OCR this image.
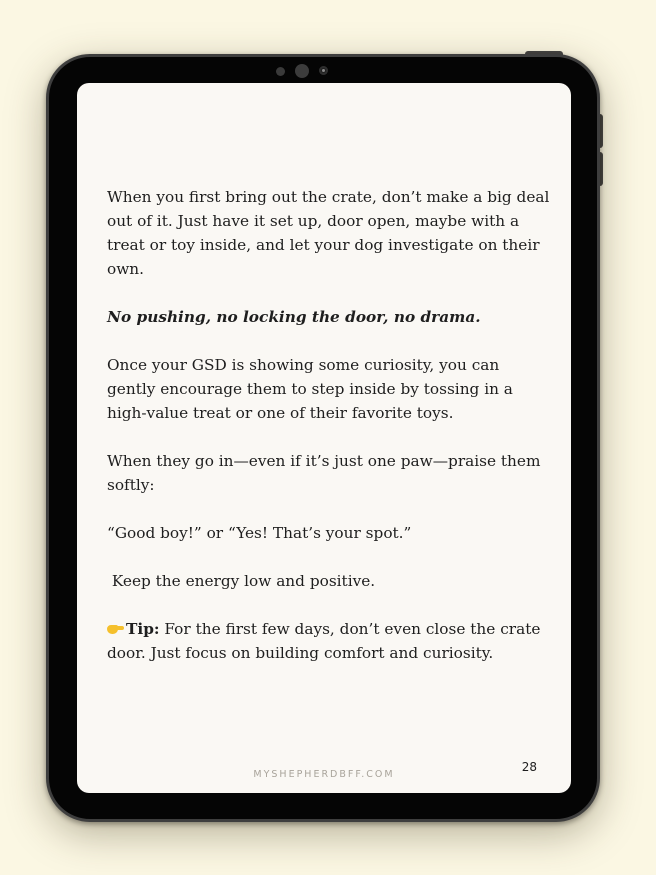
When you first bring out the crate, don’t make a big deal out of it. Just have it set up, door open, maybe with a treat or toy inside, and let your dog investigate on their own.

No pushing, no locking the door, no drama.

Once your GSD is showing some curiosity, you can gently encourage them to step inside by tossing in a high-value treat or one of their favorite toys.

When they go in—even if it’s just one paw—praise them softly:

“Good boy!” or “Yes! That’s your spot.”

Keep the energy low and positive.

Tip: For the first few days, don’t even close the crate door. Just focus on building comfort and curiosity.

28
MYSHEPHERDBFF.COM
